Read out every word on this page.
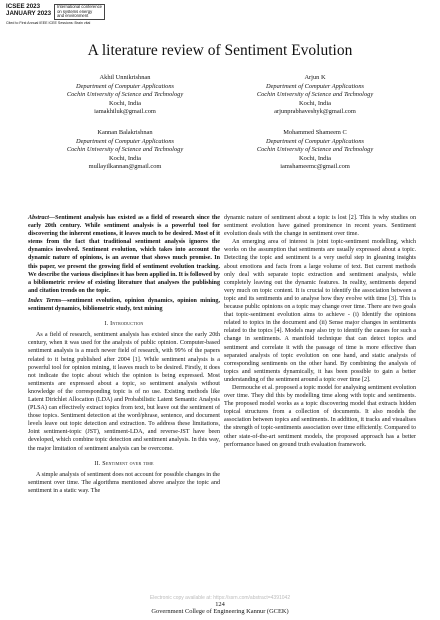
ICSEE 2023
JANUARY 2023
International conference
on systems energy
and environment
Cited to First Annual IEEE ICEE Sessions: Brain vital
A literature review of Sentiment Evolution
Akhil Unnikrishnan
Department of Computer Applications
Cochin University of Science and Technology
Kochi, India
iamakhiluk@gmail.com
Arjun K
Department of Computer Applications
Cochin University of Science and Technology
Kochi, India
arjunprabhaveshyk@gmail.com
Kannan Balakrishnan
Department of Computer Applications
Cochin University of Science and Technology
Kochi, India
mullayilkannan@gmail.com
Mohammed Shameem C
Department of Computer Applications
Cochin University of Science and Technology
Kochi, India
iamshameemc@gmail.com

Abstract—Sentiment analysis has existed as a field of research since the early 20th century. While sentiment analysis is a powerful tool for discovering the inherent emotions, it leaves much to be desired. Most of it stems from the fact that traditional sentiment analysis ignores the dynamics involved. Sentiment evolution, which takes into account the dynamic nature of opinions, is an avenue that shows much promise. In this paper, we present the growing field of sentiment evolution tracking. We describe the various disciplines it has been applied in. It is followed by a bibliometric review of existing literature that analyses the publishing and citation trends on the topic.

Index Terms—sentiment evolution, opinion dynamics, opinion mining, sentiment dynamics, bibliometric study, text mining

I. Introduction

As a field of research, sentiment analysis has existed since the early 20th century, when it was used for the analysis of public opinion. Computer-based sentiment analysis is a much newer field of research, with 99% of the papers related to it being published after 2004 [1]. While sentiment analysis is a powerful tool for opinion mining, it leaves much to be desired. Firstly, it does not indicate the topic about which the opinion is being expressed. Most sentiments are expressed about a topic, so sentiment analysis without knowledge of the corresponding topic is of no use. Existing methods like Latent Dirichlet Allocation (LDA) and Probabilistic Latent Semantic Analysis (PLSA) can effectively extract topics from text, but leave out the sentiment of those topics. Sentiment detection at the word/phrase, sentence, and document levels leave out topic detection and extraction. To address these limitations, Joint sentiment-topic (JST), sentiment-LDA, and reverse-JST have been developed, which combine topic detection and sentiment analysis. In this way, the major limitation of sentiment analysis can be overcome.

II. Sentiment over time

A simple analysis of sentiment does not account for possible changes in the sentiment over time. The algorithms mentioned above analyze the topic and sentiment in a static way. The

dynamic nature of sentiment about a topic is lost [2]. This is why studies on sentiment evolution have gained prominence in recent years. Sentiment evolution deals with the change in sentiment over time.

An emerging area of interest is joint topic-sentiment modelling, which works on the assumption that sentiments are usually expressed about a topic. Detecting the topic and sentiment is a very useful step in gleaning insights about emotions and facts from a large volume of text. But current methods only deal with separate topic extraction and sentiment analysis, while completely leaving out the dynamic features. In reality, sentiments depend very much on topic content. It is crucial to identify the association between a topic and its sentiments and to analyse how they evolve with time [3]. This is because public opinions on a topic may change over time. There are two goals that topic-sentiment evolution aims to achieve - (i) Identify the opinions related to topics in the document and (ii) Sense major changes in sentiments related to the topics [4]. Models may also try to identify the causes for such a change in sentiments. A manifold technique that can detect topics and sentiment and correlate it with the passage of time is more effective than separated analysis of topic evolution on one hand, and static analysis of corresponding sentiments on the other hand. By combining the analysis of topics and sentiments dynamically, it has been possible to gain a better understanding of the sentiment around a topic over time [2].

Dermouche et al. proposed a topic model for analysing sentiment evolution over time. They did this by modelling time along with topic and sentiments. The proposed model works as a topic discovering model that extracts hidden topical structures from a collection of documents. It also models the association between topics and sentiments. In addition, it tracks and visualises the strength of topic-sentiments association over time efficiently. Compared to other state-of-the-art sentiment models, the proposed approach has a better performance based on ground truth evaluation framework.

Electronic copy available at: https://ssrn.com/abstract=4391042
124
Government College of Engineering Kannur (GCEK)
